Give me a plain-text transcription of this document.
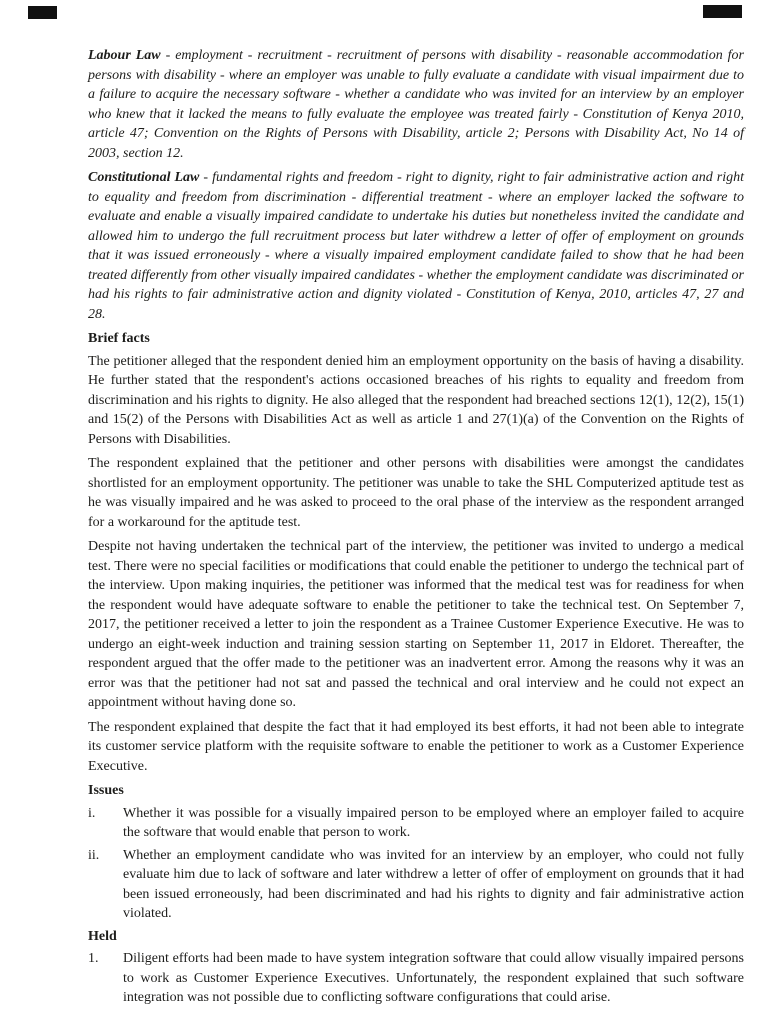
Labour Law - employment - recruitment - recruitment of persons with disability - reasonable accommodation for persons with disability - where an employer was unable to fully evaluate a candidate with visual impairment due to a failure to acquire the necessary software - whether a candidate who was invited for an interview by an employer who knew that it lacked the means to fully evaluate the employee was treated fairly - Constitution of Kenya 2010, article 47; Convention on the Rights of Persons with Disability, article 2; Persons with Disability Act, No 14 of 2003, section 12.

Constitutional Law - fundamental rights and freedom - right to dignity, right to fair administrative action and right to equality and freedom from discrimination - differential treatment - where an employer lacked the software to evaluate and enable a visually impaired candidate to undertake his duties but nonetheless invited the candidate and allowed him to undergo the full recruitment process but later withdrew a letter of offer of employment on grounds that it was issued erroneously - where a visually impaired employment candidate failed to show that he had been treated differently from other visually impaired candidates - whether the employment candidate was discriminated or had his rights to fair administrative action and dignity violated - Constitution of Kenya, 2010, articles 47, 27 and 28.

Brief facts

The petitioner alleged that the respondent denied him an employment opportunity on the basis of having a disability. He further stated that the respondent's actions occasioned breaches of his rights to equality and freedom from discrimination and his rights to dignity. He also alleged that the respondent had breached sections 12(1), 12(2), 15(1) and 15(2) of the Persons with Disabilities Act as well as article 1 and 27(1)(a) of the Convention on the Rights of Persons with Disabilities.

The respondent explained that the petitioner and other persons with disabilities were amongst the candidates shortlisted for an employment opportunity. The petitioner was unable to take the SHL Computerized aptitude test as he was visually impaired and he was asked to proceed to the oral phase of the interview as the respondent arranged for a workaround for the aptitude test.

Despite not having undertaken the technical part of the interview, the petitioner was invited to undergo a medical test. There were no special facilities or modifications that could enable the petitioner to undergo the technical part of the interview. Upon making inquiries, the petitioner was informed that the medical test was for readiness for when the respondent would have adequate software to enable the petitioner to take the technical test. On September 7, 2017, the petitioner received a letter to join the respondent as a Trainee Customer Experience Executive. He was to undergo an eight-week induction and training session starting on September 11, 2017 in Eldoret. Thereafter, the respondent argued that the offer made to the petitioner was an inadvertent error. Among the reasons why it was an error was that the petitioner had not sat and passed the technical and oral interview and he could not expect an appointment without having done so.

The respondent explained that despite the fact that it had employed its best efforts, it had not been able to integrate its customer service platform with the requisite software to enable the petitioner to work as a Customer Experience Executive.

Issues

i. Whether it was possible for a visually impaired person to be employed where an employer failed to acquire the software that would enable that person to work.
ii. Whether an employment candidate who was invited for an interview by an employer, who could not fully evaluate him due to lack of software and later withdrew a letter of offer of employment on grounds that it had been issued erroneously, had been discriminated and had his rights to dignity and fair administrative action violated.

Held

1. Diligent efforts had been made to have system integration software that could allow visually impaired persons to work as Customer Experience Executives. Unfortunately, the respondent explained that such software integration was not possible due to conflicting software configurations that could arise.
